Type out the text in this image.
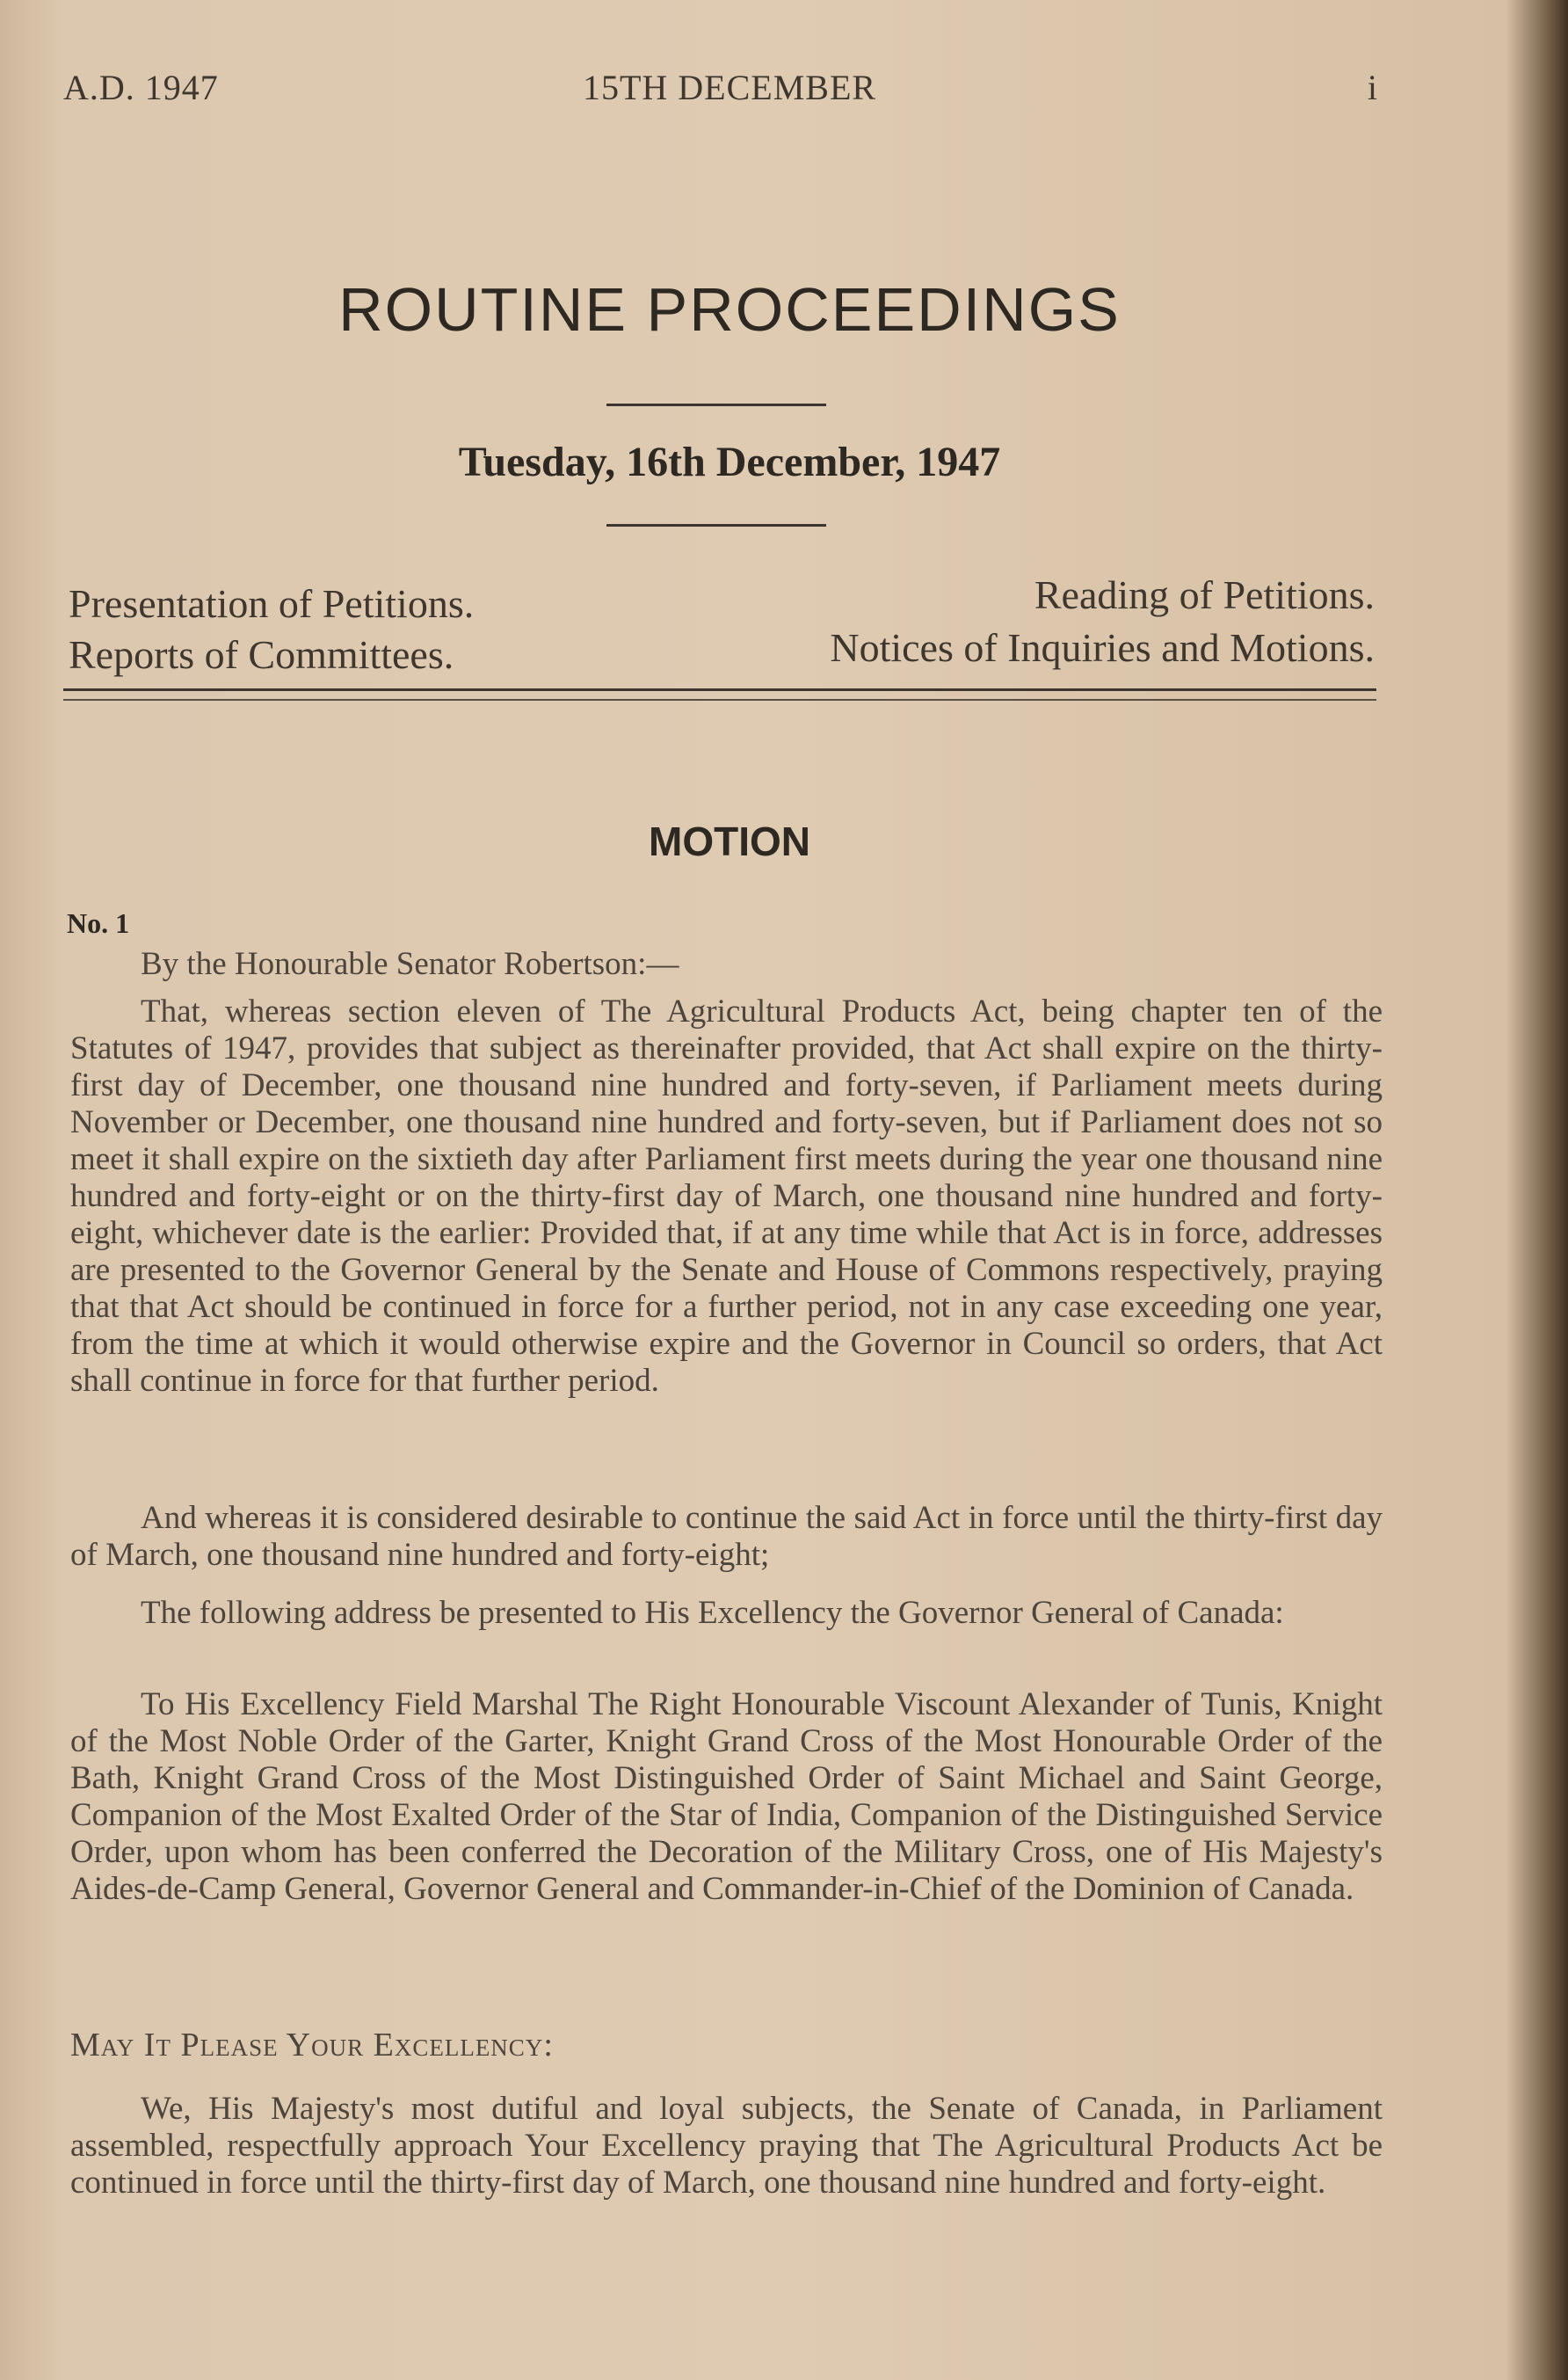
A.D. 1947	15TH DECEMBER	i
ROUTINE PROCEEDINGS
Tuesday, 16th December, 1947
Presentation of Petitions.
Reports of Committees.
Reading of Petitions.
Notices of Inquiries and Motions.
MOTION
No. 1
By the Honourable Senator Robertson:—
That, whereas section eleven of The Agricultural Products Act, being chapter ten of the Statutes of 1947, provides that subject as thereinafter provided, that Act shall expire on the thirty-first day of December, one thousand nine hundred and forty-seven, if Parliament meets during November or December, one thousand nine hundred and forty-seven, but if Parliament does not so meet it shall expire on the sixtieth day after Parliament first meets during the year one thousand nine hundred and forty-eight or on the thirty-first day of March, one thousand nine hundred and forty-eight, whichever date is the earlier: Provided that, if at any time while that Act is in force, addresses are presented to the Governor General by the Senate and House of Commons respectively, praying that that Act should be continued in force for a further period, not in any case exceeding one year, from the time at which it would otherwise expire and the Governor in Council so orders, that Act shall continue in force for that further period.
And whereas it is considered desirable to continue the said Act in force until the thirty-first day of March, one thousand nine hundred and forty-eight;
The following address be presented to His Excellency the Governor General of Canada:
To His Excellency Field Marshal The Right Honourable Viscount Alexander of Tunis, Knight of the Most Noble Order of the Garter, Knight Grand Cross of the Most Honourable Order of the Bath, Knight Grand Cross of the Most Distinguished Order of Saint Michael and Saint George, Companion of the Most Exalted Order of the Star of India, Companion of the Distinguished Service Order, upon whom has been conferred the Decoration of the Military Cross, one of His Majesty's Aides-de-Camp General, Governor General and Commander-in-Chief of the Dominion of Canada.
May It Please Your Excellency:
We, His Majesty's most dutiful and loyal subjects, the Senate of Canada, in Parliament assembled, respectfully approach Your Excellency praying that The Agricultural Products Act be continued in force until the thirty-first day of March, one thousand nine hundred and forty-eight.
